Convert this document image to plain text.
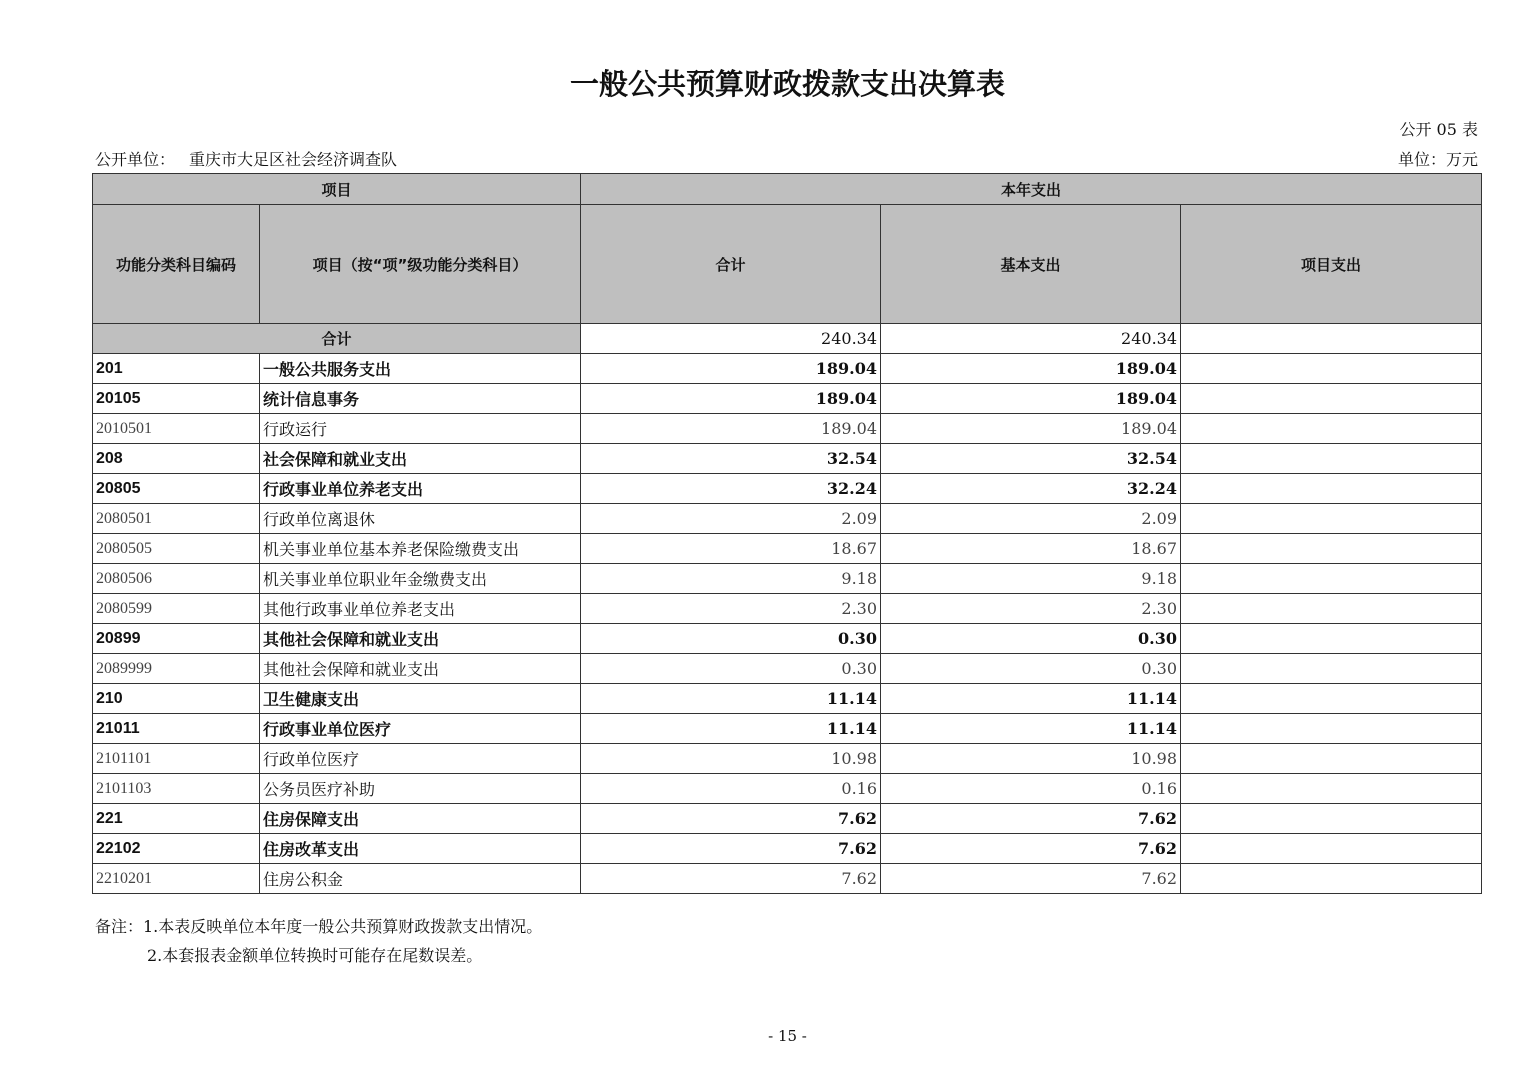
一般公共预算财政拨款支出决算表
公开 05 表
公开单位： 重庆市大足区社会经济调查队	单位：万元
项目		本年支出		
功能分类科目编码	项目（按“项”级功能分类科目）	合计	基本支出	项目支出
合计		240.34	240.34	
201	一般公共服务支出	189.04	189.04	
20105	统计信息事务	189.04	189.04	
2010501	行政运行	189.04	189.04	
208	社会保障和就业支出	32.54	32.54	
20805	行政事业单位养老支出	32.24	32.24	
2080501	行政单位离退休	2.09	2.09	
2080505	机关事业单位基本养老保险缴费支出	18.67	18.67	
2080506	机关事业单位职业年金缴费支出	9.18	9.18	
2080599	其他行政事业单位养老支出	2.30	2.30	
20899	其他社会保障和就业支出	0.30	0.30	
2089999	其他社会保障和就业支出	0.30	0.30	
210	卫生健康支出	11.14	11.14	
21011	行政事业单位医疗	11.14	11.14	
2101101	行政单位医疗	10.98	10.98	
2101103	公务员医疗补助	0.16	0.16	
221	住房保障支出	7.62	7.62	
22102	住房改革支出	7.62	7.62	
2210201	住房公积金	7.62	7.62	
备注：1.本表反映单位本年度一般公共预算财政拨款支出情况。
2.本套报表金额单位转换时可能存在尾数误差。
- 15 -
